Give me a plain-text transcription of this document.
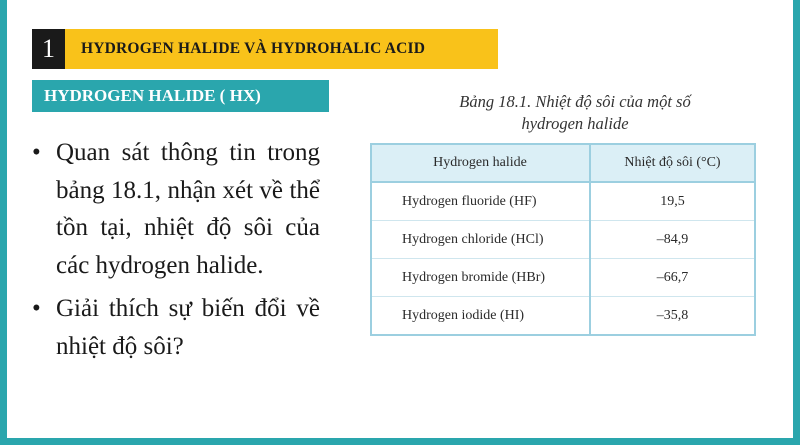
1	HYDROGEN HALIDE VÀ HYDROHALIC ACID
HYDROGEN HALIDE ( HX)
• Quan sát thông tin trong bảng 18.1, nhận xét về thể tồn tại, nhiệt độ sôi của các hydrogen halide.
• Giải thích sự biến đổi về nhiệt độ sôi?
Bảng 18.1. Nhiệt độ sôi của một số
hydrogen halide
Hydrogen halide	Nhiệt độ sôi (°C)
Hydrogen fluoride (HF)	19,5
Hydrogen chloride (HCl)	–84,9
Hydrogen bromide (HBr)	–66,7
Hydrogen iodide (HI)	–35,8
